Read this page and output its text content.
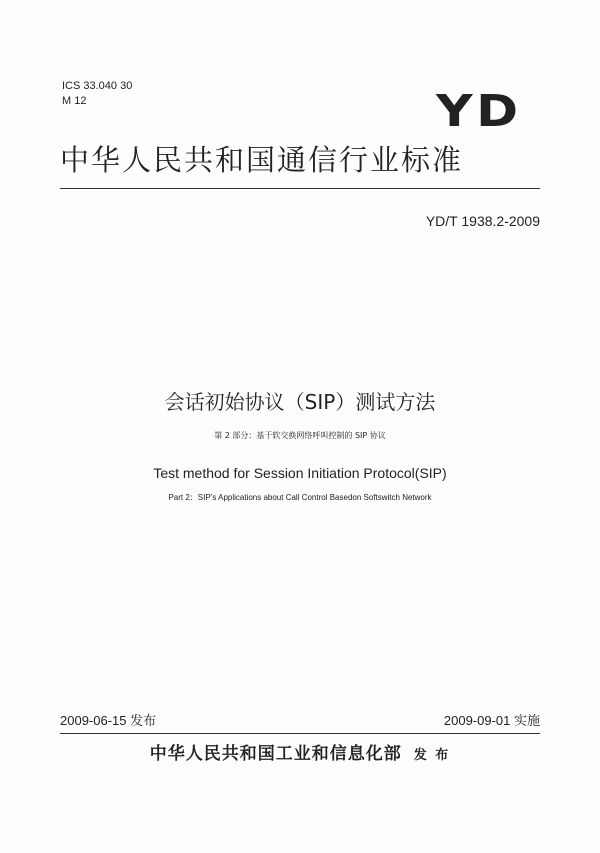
ICS 33.040 30
M 12	YD
中华人民共和国通信行业标准
YD/T 1938.2-2009
会话初始协议（SIP）测试方法
第 2 部分：基于软交换网络呼叫控制的 SIP 协议
Test method for Session Initiation Protocol(SIP)
Part 2：SIP’s Applications about Call Control Basedon Softswitch Network
2009-06-15 发布	2009-09-01 实施
中华人民共和国工业和信息化部 发 布
